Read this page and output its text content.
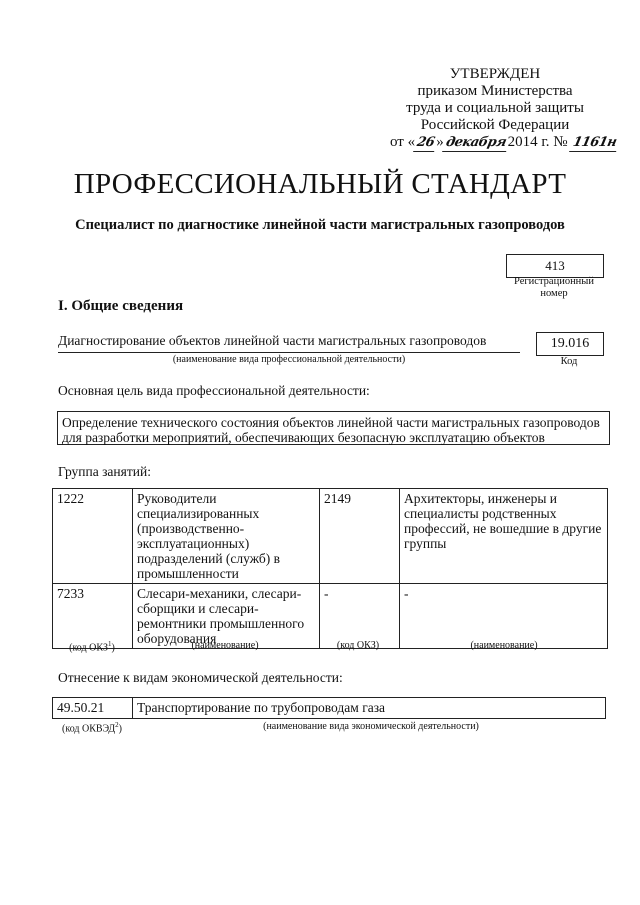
УТВЕРЖДЕН
приказом Министерства
труда и социальной защиты
Российской Федерации
от «26»декабря2014 г. № 1161н
ПРОФЕССИОНАЛЬНЫЙ СТАНДАРТ
Специалист по диагностике линейной части магистральных газопроводов
413
Регистрационный номер
I. Общие сведения
Диагностирование объектов линейной части магистральных газопроводов
(наименование вида профессиональной деятельности)
19.016
Код
Основная цель вида профессиональной деятельности:
Определение технического состояния объектов линейной части магистральных газопроводов для разработки мероприятий, обеспечивающих безопасную эксплуатацию объектов
Группа занятий:
1222	Руководители специализированных (производственно-эксплуатационных) подразделений (служб) в промышленности	2149	Архитекторы, инженеры и специалисты родственных профессий, не вошедшие в другие группы
7233	Слесари-механики, слесари-сборщики и слесари-ремонтники промышленного оборудования	-	-
(код ОКЗ$^1$)	(наименование)	(код ОКЗ)	(наименование)
Отнесение к видам экономической деятельности:
49.50.21	Транспортирование по трубопроводам газа
(код ОКВЭД$^2$)	(наименование вида экономической деятельности)
